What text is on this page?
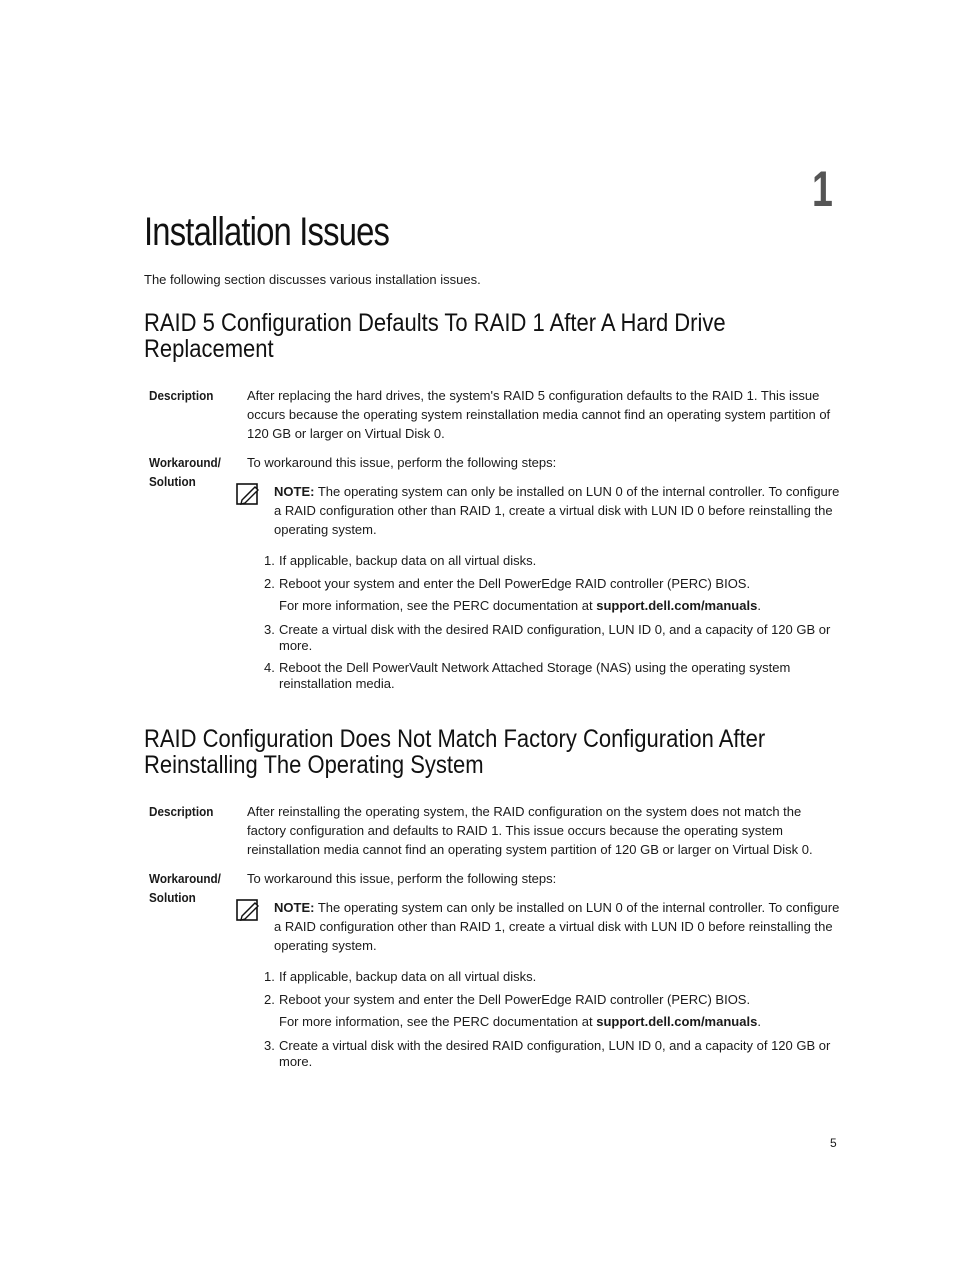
1
Installation Issues

The following section discusses various installation issues.

RAID 5 Configuration Defaults To RAID 1 After A Hard Drive Replacement
Description	After replacing the hard drives, the system's RAID 5 configuration defaults to the RAID 1. This issue occurs because the operating system reinstallation media cannot find an operating system partition of 120 GB or larger on Virtual Disk 0.

Workaround/
Solution

To workaround this issue, perform the following steps:

NOTE: The operating system can only be installed on LUN 0 of the internal controller. To configure a RAID configuration other than RAID 1, create a virtual disk with LUN ID 0 before reinstalling the operating system.

1. If applicable, backup data on all virtual disks.
2. Reboot your system and enter the Dell PowerEdge RAID controller (PERC) BIOS.
For more information, see the PERC documentation at support.dell.com/manuals.
3. Create a virtual disk with the desired RAID configuration, LUN ID 0, and a capacity of 120 GB or more.
4. Reboot the Dell PowerVault Network Attached Storage (NAS) using the operating system reinstallation media.
RAID Configuration Does Not Match Factory Configuration After Reinstalling The Operating System
Description	After reinstalling the operating system, the RAID configuration on the system does not match the factory configuration and defaults to RAID 1. This issue occurs because the operating system reinstallation media cannot find an operating system partition of 120 GB or larger on Virtual Disk 0.

Workaround/
Solution

To workaround this issue, perform the following steps:

NOTE: The operating system can only be installed on LUN 0 of the internal controller. To configure a RAID configuration other than RAID 1, create a virtual disk with LUN ID 0 before reinstalling the operating system.

1. If applicable, backup data on all virtual disks.
2. Reboot your system and enter the Dell PowerEdge RAID controller (PERC) BIOS.
For more information, see the PERC documentation at support.dell.com/manuals.
3. Create a virtual disk with the desired RAID configuration, LUN ID 0, and a capacity of 120 GB or more.
5
